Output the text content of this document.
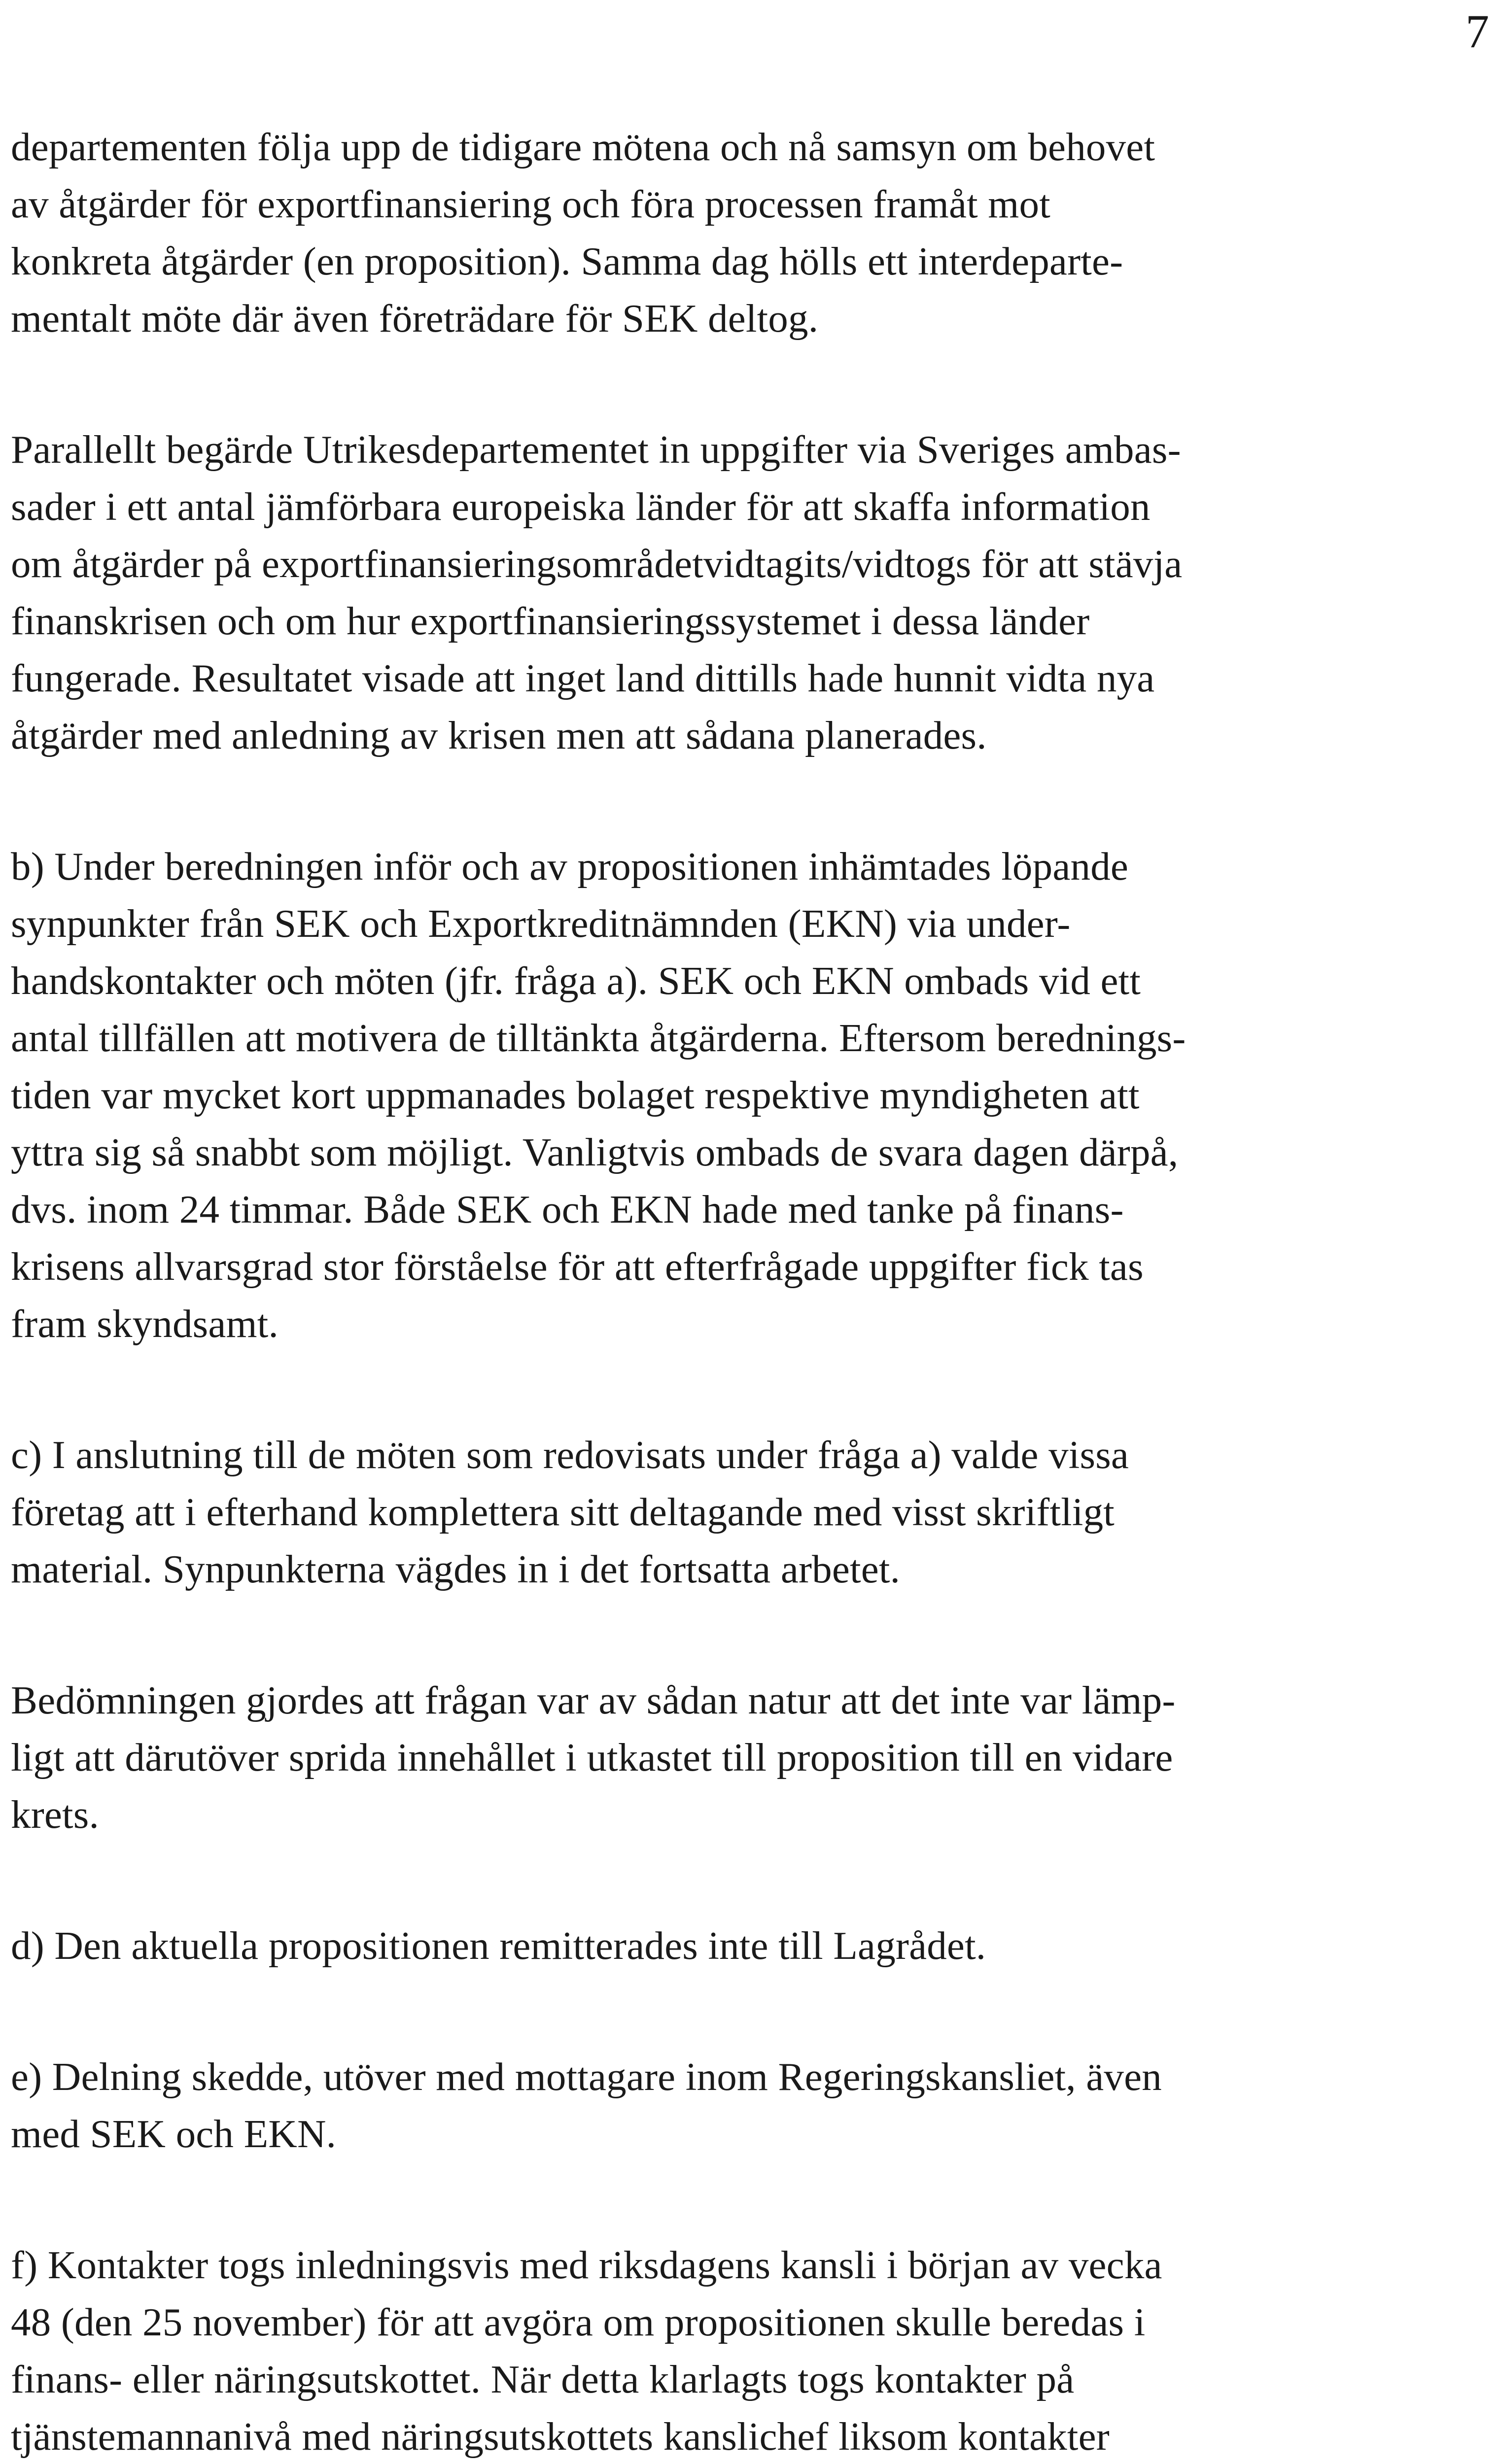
7
departementen följa upp de tidigare mötena och nå samsyn om behovet
av åtgärder för exportfinansiering och föra processen framåt mot
konkreta åtgärder (en proposition). Samma dag hölls ett interdeparte-
mentalt möte där även företrädare för SEK deltog.
Parallellt begärde Utrikesdepartementet in uppgifter via Sveriges ambas-
sader i ett antal jämförbara europeiska länder för att skaffa information
om åtgärder på exportfinansieringsområdetvidtagits/vidtogs för att stävja
finanskrisen och om hur exportfinansieringssystemet i dessa länder
fungerade. Resultatet visade att inget land dittills hade hunnit vidta nya
åtgärder med anledning av krisen men att sådana planerades.
b) Under beredningen inför och av propositionen inhämtades löpande
synpunkter från SEK och Exportkreditnämnden (EKN) via under-
handskontakter och möten (jfr. fråga a). SEK och EKN ombads vid ett
antal tillfällen att motivera de tilltänkta åtgärderna. Eftersom berednings-
tiden var mycket kort uppmanades bolaget respektive myndigheten att
yttra sig så snabbt som möjligt. Vanligtvis ombads de svara dagen därpå,
dvs. inom 24 timmar. Både SEK och EKN hade med tanke på finans-
krisens allvarsgrad stor förståelse för att efterfrågade uppgifter fick tas
fram skyndsamt.
c) I anslutning till de möten som redovisats under fråga a) valde vissa
företag att i efterhand komplettera sitt deltagande med visst skriftligt
material. Synpunkterna vägdes in i det fortsatta arbetet.
Bedömningen gjordes att frågan var av sådan natur att det inte var lämp-
ligt att därutöver sprida innehållet i utkastet till proposition till en vidare
krets.
d) Den aktuella propositionen remitterades inte till Lagrådet.
e) Delning skedde, utöver med mottagare inom Regeringskansliet, även
med SEK och EKN.
f) Kontakter togs inledningsvis med riksdagens kansli i början av vecka
48 (den 25 november) för att avgöra om propositionen skulle beredas i
finans- eller näringsutskottet. När detta klarlagts togs kontakter på
tjänstemannanivå med näringsutskottets kanslichef liksom kontakter
